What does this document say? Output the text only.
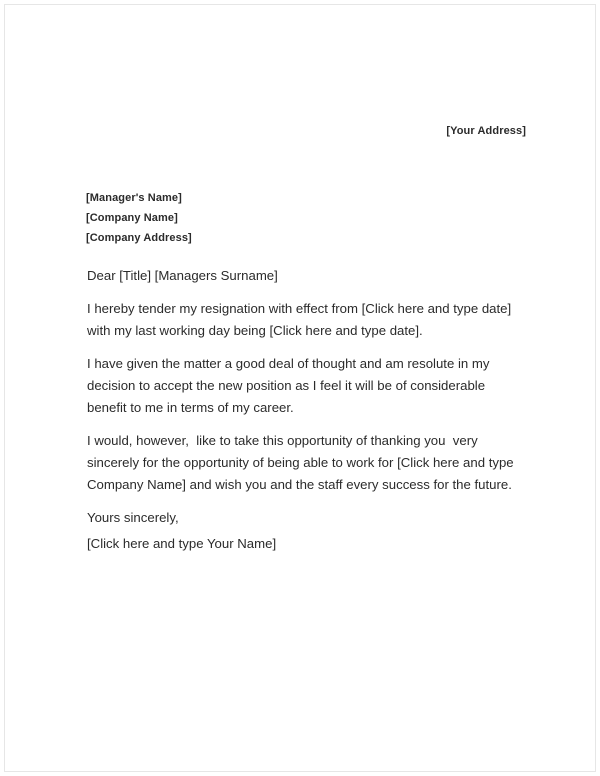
[Your Address]
[Manager's Name]
[Company Name]
[Company Address]

Dear [Title] [Managers Surname]

I hereby tender my resignation with effect from [Click here and type date] with my last working day being [Click here and type date].

I have given the matter a good deal of thought and am resolute in my decision to accept the new position as I feel it will be of considerable benefit to me in terms of my career.

I would, however,  like to take this opportunity of thanking you  very sincerely for the opportunity of being able to work for [Click here and type Company Name] and wish you and the staff every success for the future.

Yours sincerely,

[Click here and type Your Name]
